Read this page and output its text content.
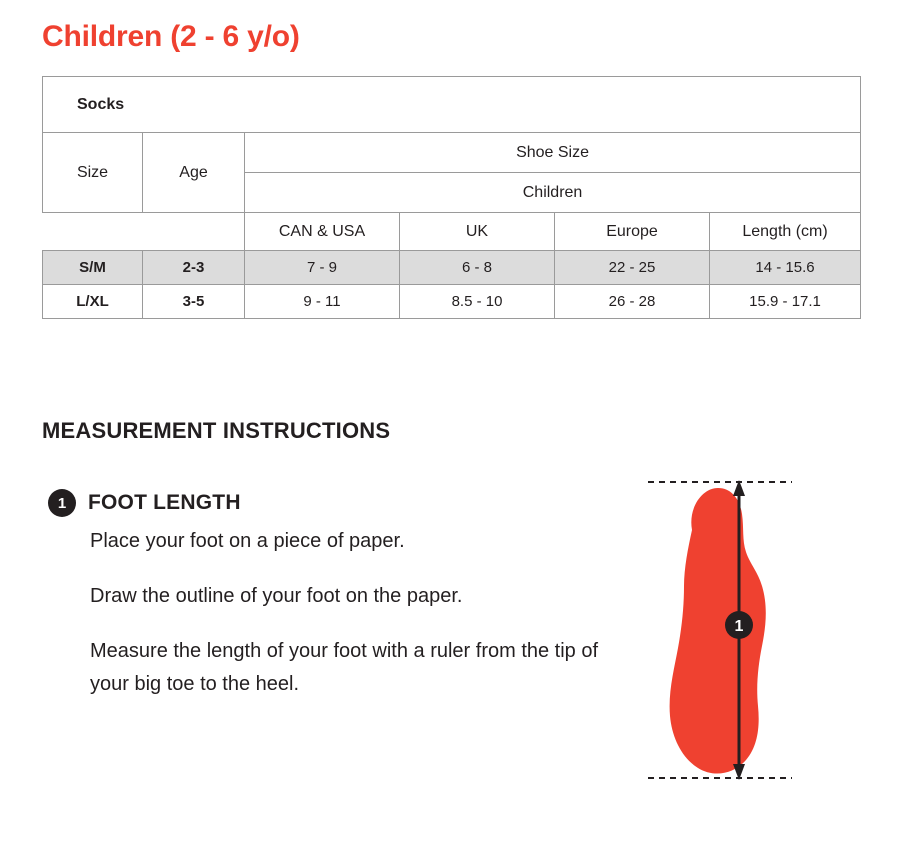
Children (2 - 6 y/o)
Socks					
Size	Age	Shoe Size			
		Children			
		CAN & USA	UK	Europe	Length (cm)
S/M	2-3	7 - 9	6 - 8	22 - 25	14 - 15.6
L/XL	3-5	9 - 11	8.5 - 10	26 - 28	15.9 - 17.1
MEASUREMENT INSTRUCTIONS
1	FOOT LENGTH

Place your foot on a piece of paper.

Draw the outline of your foot on the paper.

Measure the length of your foot with a ruler from the tip of your big toe to the heel.

1
